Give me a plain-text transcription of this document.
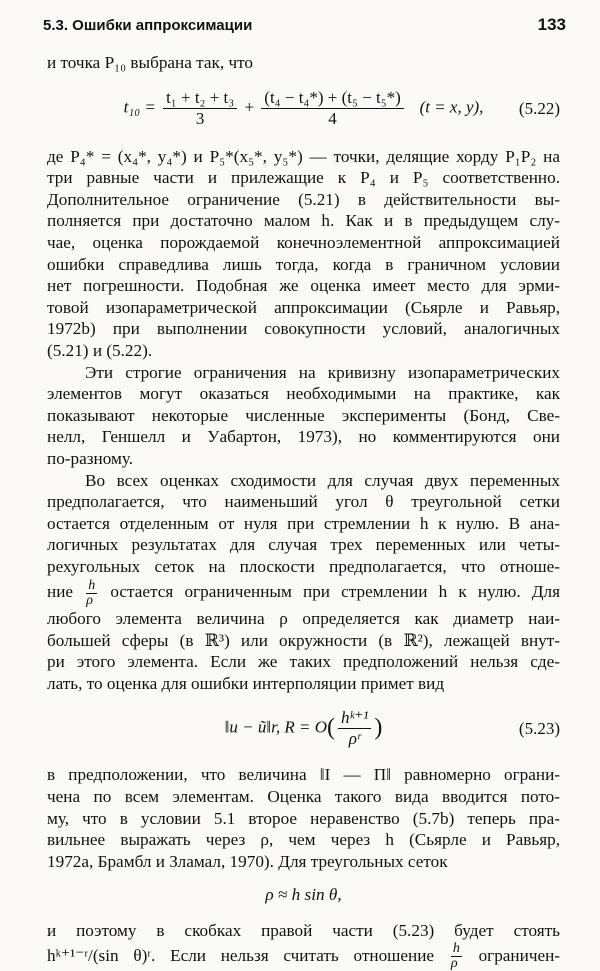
5.3. Ошибки аппроксимации	133

и точка P₁₀ выбрана так, что

$t_{10} = \frac{\text{t₁ + t₂ + t₃}}{3} + \frac{\text{(t₄ − t₄*) + (t₅ − t₅*)}}{4} (t = x$, y),	(5.22)

де P₄* = (x₄*, y₄*) и P₅*(x₅*, y₅*) — точки, делящие хорду P₁P₂ на

три равные части и прилежащие к P₄ и P₅ соответственно.

Дополнительное ограничение (5.21) в действительности вы-

полняется при достаточно малом h. Как и в предыдущем слу-

чае, оценка порождаемой конечноэлементной аппроксимацией

ошибки справедлива лишь тогда, когда в граничном условии

нет погрешности. Подобная же оценка имеет место для эрми-

товой изопараметрической аппроксимации (Сьярле и Равьяр,

1972b) при выполнении совокупности условий, аналогичных

(5.21) и (5.22).

Эти строгие ограничения на кривизну изопараметрических

элементов могут оказаться необходимыми на практике, как

показывают некоторые численные эксперименты (Бонд, Све-

нелл, Геншелл и Уабартон, 1973), но комментируются они

по-разному.

Во всех оценках сходимости для случая двух переменных

предполагается, что наименьший угол θ треугольной сетки

остается отделенным от нуля при стремлении h к нулю. В ана-

логичных результатах для случая трех переменных или четы-

рехугольных сеток на плоскости предполагается, что отноше-

ние $\frac{h}{\rho}$ остается ограниченным при стремлении h к нулю. Для

любого элемента величина ρ определяется как диаметр наи-

большей сферы (в ℝ³) или окружности (в ℝ²), лежащей внут-

ри этого элемента. Если же таких предположений нельзя сде-

лать, то оценка для ошибки интерполяции примет вид

‖u − ũ‖r, $R = O( \frac{\text{hᵏ⁺¹}}{\text{ρʳ}}$ )	(5.23)

в предположении, что величина ‖I — Π‖ равномерно ограни-

чена по всем элементам. Оценка такого вида вводится пото-

му, что в условии 5.1 второе неравенство (5.7b) теперь пра-

вильнее выражать через ρ, чем через h (Сьярле и Равьяр,

1972a, Брамбл и Зламал, 1970). Для треугольных сеток

ρ ≈ h sin θ,

и поэтому в скобках правой части (5.23) будет стоять

hᵏ⁺¹⁻ʳ/(sin θ)ʳ. Если нельзя считать отношение $\frac{h}{\rho}$ ограничен-
